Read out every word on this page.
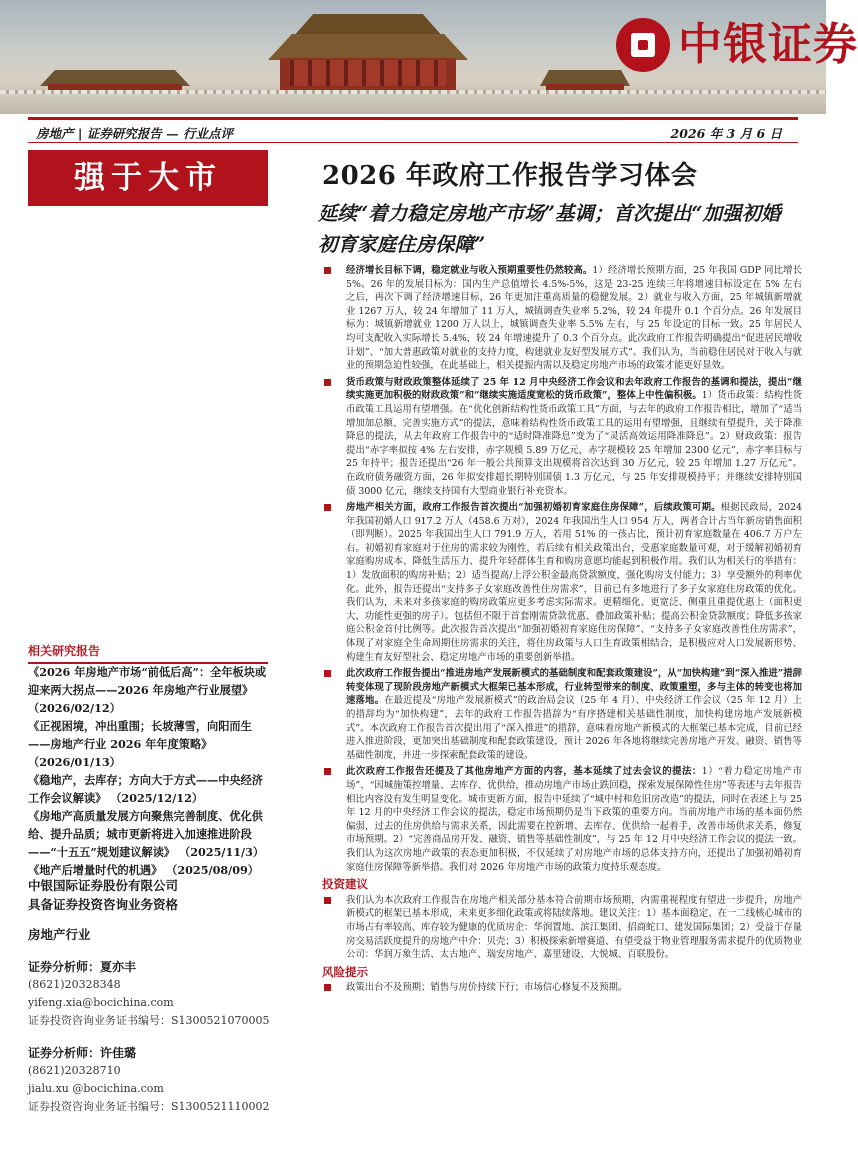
中银证券
房地产 | 证券研究报告 — 行业点评	2026 年 3 月 6 日
强于大市
相关研究报告
《2026 年房地产市场“前低后高”：全年板块或迎来两大拐点——2026 年房地产行业展望》 （2026/02/12）
《正视困境，冲出重围；长坡薄雪，向阳而生——房地产行业 2026 年年度策略》 （2026/01/13）
《稳地产，去库存；方向大于方式——中央经济工作会议解读》 （2025/12/12）
《房地产高质量发展方向聚焦完善制度、优化供给、提升品质；城市更新将进入加速推进阶段——“十五五”规划建议解读》 （2025/11/3）
《地产后增量时代的机遇》 （2025/08/09）
中银国际证券股份有限公司
具备证券投资咨询业务资格
房地产行业
证券分析师：夏亦丰
(8621)20328348
yifeng.xia@bocichina.com
证券投资咨询业务证书编号：S1300521070005
证券分析师：许佳璐
(8621)20328710
jialu.xu @bocichina.com
证券投资咨询业务证书编号：S1300521110002
2026 年政府工作报告学习体会
延续“着力稳定房地产市场”基调；首次提出“加强初婚初育家庭住房保障”
经济增长目标下调，稳定就业与收入预期重要性仍然较高。1）经济增长预期方面，25 年我国 GDP 同比增长 5%。26 年的发展目标为：国内生产总值增长 4.5%-5%，这是 23-25 连续三年将增速目标设定在 5% 左右之后，再次下调了经济增速目标，26 年更加注重高质量的稳健发展。2）就业与收入方面，25 年城镇新增就业 1267 万人，较 24 年增加了 11 万人，城镇调查失业率 5.2%，较 24 年提升 0.1 个百分点。26 年发展目标为：城镇新增就业 1200 万人以上，城镇调查失业率 5.5% 左右，与 25 年设定的目标一致。25 年居民人均可支配收入实际增长 5.4%，较 24 年增速提升了 0.3 个百分点。此次政府工作报告明确提出“促进居民增收计划”、“加大普惠政策对就业的支持力度，构建就业友好型发展方式”。我们认为，当前稳住居民对于收入与就业的预期急迫性较强，在此基础上，相关提振内需以及稳定房地产市场的政策才能更好显效。
货币政策与财政政策整体延续了 25 年 12 月中央经济工作会议和去年政府工作报告的基调和提法，提出“继续实施更加积极的财政政策”和“继续实施适度宽松的货币政策”，整体上中性偏积极。1）货币政策：结构性货币政策工具运用有望增强。在“优化创新结构性货币政策工具”方面，与去年的政府工作报告相比，增加了“适当增加加总额、完善实施方式”的提法，意味着结构性货币政策工具的运用有望增强，且继续有望提升，关于降准降息的提法，从去年政府工作报告中的“适时降准降息”变为了“灵活高效运用降准降息”。2）财政政策：报告提出“赤字率拟按 4% 左右安排，赤字规模 5.89 万亿元，赤字规模较 25 年增加 2300 亿元”，赤字率目标与 25 年持平；报告还提出“26 年一般公共预算支出规模将首次达到 30 万亿元，较 25 年增加 1.27 万亿元”。在政府债务融资方面，26 年拟安排超长期特别国债 1.3 万亿元，与 25 年安排规模持平；并继续安排特别国债 3000 亿元，继续支持国有大型商业银行补充资本。
房地产相关方面，政府工作报告首次提出“加强初婚初育家庭住房保障”，后续政策可期。根据民政局，2024 年我国初婚人口 917.2 万人（458.6 万对），2024 年我国出生人口 954 万人，两者合计占当年新房销售面积（即判断）。2025 年我国出生人口 791.9 万人，若用 51% 的一孩占比，预计初育家庭数量在 406.7 万户左右。初婚初育家庭对于住房的需求较为刚性，若后续有相关政策出台，受惠家庭数量可观，对于缓解初婚初育家庭购房成本、降低生活压力、提升年轻群体生育和购房意愿均能起到积极作用。我们认为相关行的举措有：1）发放面积的购房补贴；2）适当提高/上浮公积金最高贷款额度，强化购房支付能力；3）享受额外的利率优化。此外，报告还提出“支持多子女家庭改善性住房需求”，目前已有多地进行了多子女家庭住房政策的优化。我们认为，未来对多孩家庭的购房政策应更多考虑实际需求。更精细化、更宽泛、侧重且重提优惠上（面积更大、功能性更强的房子）。包括但不限于首套刚需贷款优惠、叠加政策补贴；提高公积金贷款额度；降低多孩家庭公积金首付比例等。此次报告首次提出“加强初婚初育家庭住房保障”、“支持多子女家庭改善性住房需求”，体现了对家庭全生命周期住房需求的关注，将住房政策与人口生育政策相结合，是积极应对人口发展新形势、构建生育友好型社会、稳定房地产市场的重要创新举措。
此次政府工作报告提出“推进房地产发展新模式的基础制度和配套政策建设”，从“加快构建”到“深入推进”措辞转变体现了现阶段房地产新模式大框架已基本形成，行业转型带来的制度、政策重塑，多与主体的转变也将加速落地。在最近提及“房地产发展新模式”的政治局会议（25 年 4 月）、中央经济工作会议（25 年 12 月）上的措辞均为“加快构建”，去年的政府工作报告措辞为“有序搭建相关基础性制度，加快构建房地产发展新模式”。本次政府工作报告首次提出用了“深入推进”的措辞，意味着房地产新模式的大框架已基本完成，目前已经进入推进阶段，更加突出基础制度和配套政策建设，预计 2026 年各地将继续完善房地产开发、融资、销售等基础性制度，并进一步探索配套政策的建设。
此次政府工作报告还提及了其他房地产方面的内容，基本延续了过去会议的提法：1）“着力稳定房地产市场”、“因城施策控增量、去库存、优供给，推动房地产市场止跌回稳，探索发展保障性住房”等表述与去年报告相比内容没有发生明显变化。城市更新方面，报告中延续了“城中村和危旧房改造”的提法，同时在表述上与 25 年 12 月的中央经济工作会议的提法，稳定市场预期仍是当下政策的重要方向。当前房地产市场的基本面仍然偏弱，过去的住房供给与需求关系，因此需要在控新增、去库存、优供给一起着手，改善市场供求关系，修复市场预期。2）“完善商品房开发、融资、销售等基础性制度”，与 25 年 12 月中央经济工作会议的提法一致。我们认为这次房地产政策的表态更加积极，不仅延续了对房地产市场的总体支持方向，还提出了加强初婚初育家庭住房保障等新举措。我们对 2026 年房地产市场的政策力度持乐观态度。
投资建议
我们认为本次政府工作报告在房地产相关部分基本符合前期市场预期，内需重视程度有望进一步提升，房地产新模式的框架已基本形成，未来更多细化政策或将陆续落地。建议关注：1）基本面稳定、在一二线核心城市的市场占有率较高、库存较为健康的优质房企：华润置地、滨江集团、招商蛇口、建发国际集团；2）受益于存量房交易活跃度提升的房地产中介：贝壳；3）积极探索新增赛道、有望受益于物业管理服务需求提升的优质物业公司：华润万象生活、太古地产、瑞安房地产、嘉里建设、大悦城、百联股份。
风险提示
政策出台不及预期；销售与房价持续下行；市场信心修复不及预期。
